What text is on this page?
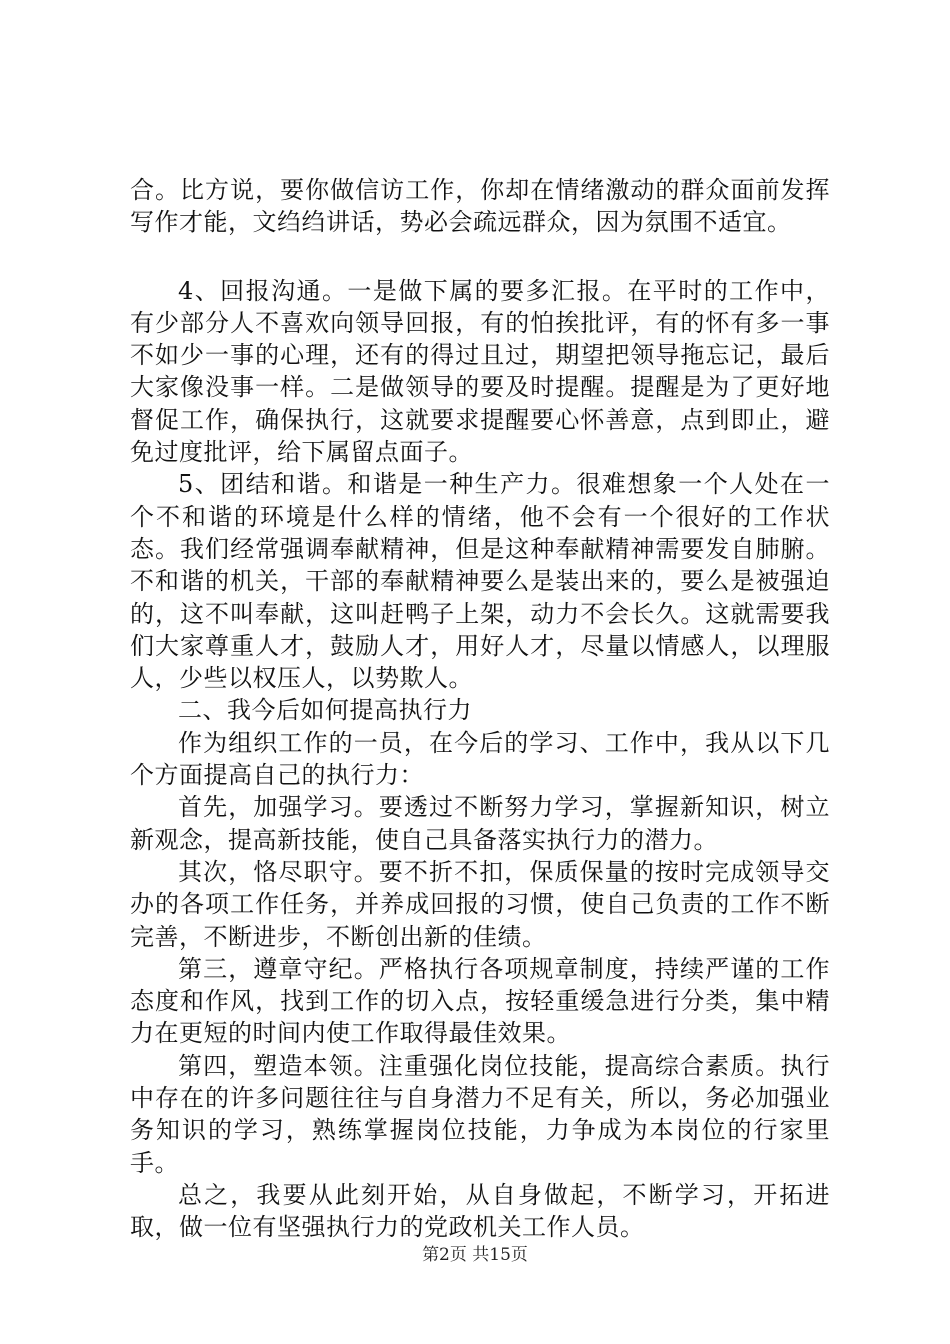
合。比方说，要你做信访工作，你却在情绪激动的群众面前发挥写作才能，文绉绉讲话，势必会疏远群众，因为氛围不适宜。

4、回报沟通。一是做下属的要多汇报。在平时的工作中，有少部分人不喜欢向领导回报，有的怕挨批评，有的怀有多一事不如少一事的心理，还有的得过且过，期望把领导拖忘记，最后大家像没事一样。二是做领导的要及时提醒。提醒是为了更好地督促工作，确保执行，这就要求提醒要心怀善意，点到即止，避免过度批评，给下属留点面子。

5、团结和谐。和谐是一种生产力。很难想象一个人处在一个不和谐的环境是什么样的情绪，他不会有一个很好的工作状态。我们经常强调奉献精神，但是这种奉献精神需要发自肺腑。不和谐的机关，干部的奉献精神要么是装出来的，要么是被强迫的，这不叫奉献，这叫赶鸭子上架，动力不会长久。这就需要我们大家尊重人才，鼓励人才，用好人才，尽量以情感人，以理服人，少些以权压人，以势欺人。

二、我今后如何提高执行力

作为组织工作的一员，在今后的学习、工作中，我从以下几个方面提高自己的执行力：

首先，加强学习。要透过不断努力学习，掌握新知识，树立新观念，提高新技能，使自己具备落实执行力的潜力。

其次，恪尽职守。要不折不扣，保质保量的按时完成领导交办的各项工作任务，并养成回报的习惯，使自己负责的工作不断完善，不断进步，不断创出新的佳绩。

第三，遵章守纪。严格执行各项规章制度，持续严谨的工作态度和作风，找到工作的切入点，按轻重缓急进行分类，集中精力在更短的时间内使工作取得最佳效果。

第四，塑造本领。注重强化岗位技能，提高综合素质。执行中存在的许多问题往往与自身潜力不足有关，所以，务必加强业务知识的学习，熟练掌握岗位技能，力争成为本岗位的行家里手。

总之，我要从此刻开始，从自身做起，不断学习，开拓进取，做一位有坚强执行力的党政机关工作人员。

第2页 共15页
